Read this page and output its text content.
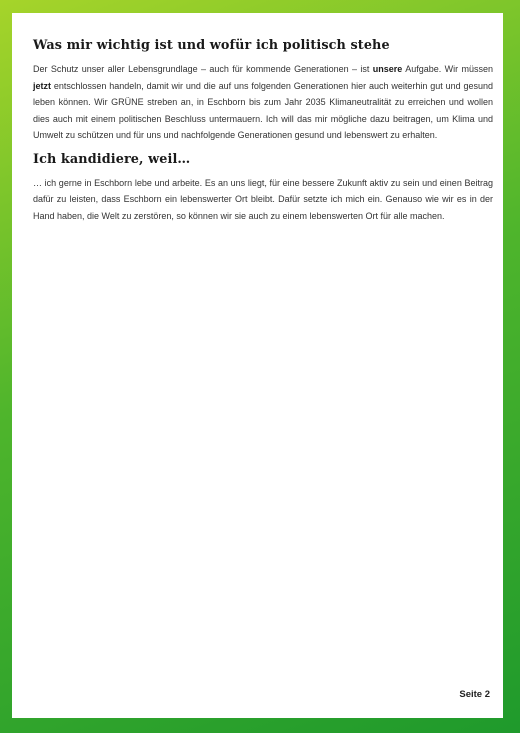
Was mir wichtig ist und wofür ich politisch stehe

Der Schutz unser aller Lebensgrundlage – auch für kommende Generationen – ist unsere Aufgabe. Wir müssen jetzt entschlossen handeln, damit wir und die auf uns folgenden Generationen hier auch weiterhin gut und gesund leben können. Wir GRÜNE streben an, in Eschborn bis zum Jahr 2035 Klimaneutralität zu erreichen und wollen dies auch mit einem politischen Beschluss untermauern. Ich will das mir mögliche dazu beitragen, um Klima und Umwelt zu schützen und für uns und nachfolgende Generationen gesund und lebenswert zu erhalten.

Ich kandidiere, weil…

… ich gerne in Eschborn lebe und arbeite. Es an uns liegt, für eine bessere Zukunft aktiv zu sein und einen Beitrag dafür zu leisten, dass Eschborn ein lebenswerter Ort bleibt. Dafür setzte ich mich ein. Genauso wie wir es in der Hand haben, die Welt zu zerstören, so können wir sie auch zu einem lebenswerten Ort für alle machen.

Seite 2
